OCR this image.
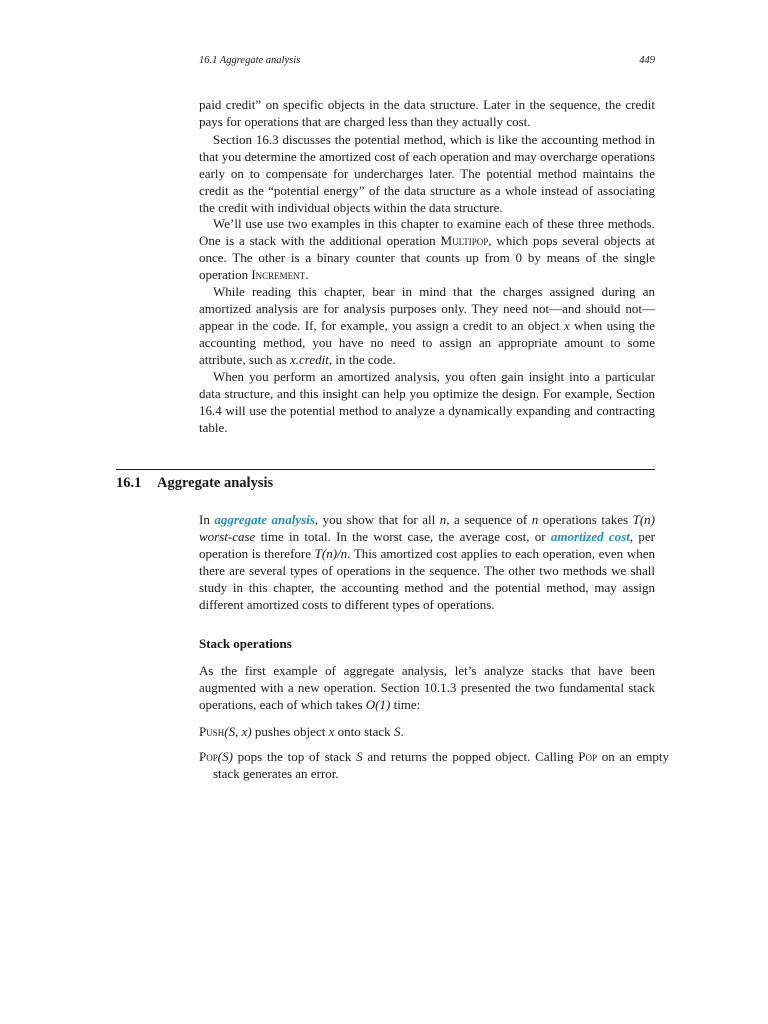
16.1 Aggregate analysis	449
paid credit” on specific objects in the data structure. Later in the sequence, the credit pays for operations that are charged less than they actually cost.
Section 16.3 discusses the potential method, which is like the accounting method in that you determine the amortized cost of each operation and may overcharge operations early on to compensate for undercharges later. The potential method maintains the credit as the “potential energy” of the data structure as a whole instead of associating the credit with individual objects within the data structure.
We’ll use use two examples in this chapter to examine each of these three methods. One is a stack with the additional operation Multipop, which pops several objects at once. The other is a binary counter that counts up from 0 by means of the single operation Increment.
While reading this chapter, bear in mind that the charges assigned during an amortized analysis are for analysis purposes only. They need not—and should not—appear in the code. If, for example, you assign a credit to an object x when using the accounting method, you have no need to assign an appropriate amount to some attribute, such as x.credit, in the code.
When you perform an amortized analysis, you often gain insight into a particular data structure, and this insight can help you optimize the design. For example, Section 16.4 will use the potential method to analyze a dynamically expanding and contracting table.
16.1 Aggregate analysis
In aggregate analysis, you show that for all n, a sequence of n operations takes T(n) worst-case time in total. In the worst case, the average cost, or amortized cost, per operation is therefore T(n)/n. This amortized cost applies to each operation, even when there are several types of operations in the sequence. The other two methods we shall study in this chapter, the accounting method and the potential method, may assign different amortized costs to different types of operations.
Stack operations
As the first example of aggregate analysis, let’s analyze stacks that have been augmented with a new operation. Section 10.1.3 presented the two fundamental stack operations, each of which takes O(1) time:
Push(S, x) pushes object x onto stack S.
Pop(S) pops the top of stack S and returns the popped object. Calling Pop on an empty stack generates an error.
